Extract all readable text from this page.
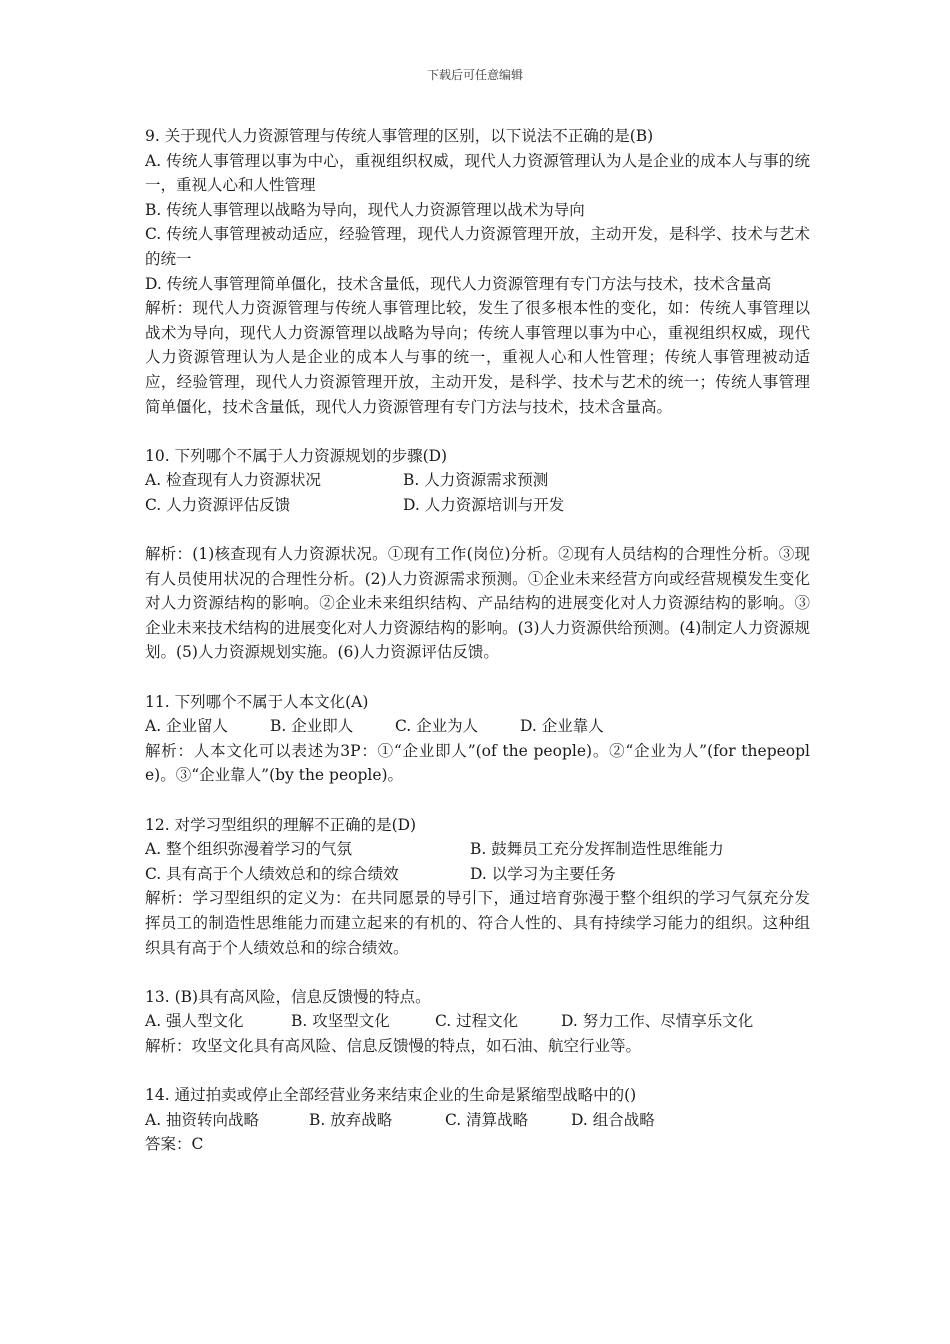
下载后可任意编辑
9. 关于现代人力资源管理与传统人事管理的区别，以下说法不正确的是(B)
A. 传统人事管理以事为中心，重视组织权威，现代人力资源管理认为人是企业的成本人与事的统一，重视人心和人性管理
B. 传统人事管理以战略为导向，现代人力资源管理以战术为导向
C. 传统人事管理被动适应，经验管理，现代人力资源管理开放，主动开发，是科学、技术与艺术的统一
D. 传统人事管理简单僵化，技术含量低，现代人力资源管理有专门方法与技术，技术含量高
解析：现代人力资源管理与传统人事管理比较，发生了很多根本性的变化，如：传统人事管理以战术为导向，现代人力资源管理以战略为导向；传统人事管理以事为中心，重视组织权威，现代人力资源管理认为人是企业的成本人与事的统一，重视人心和人性管理；传统人事管理被动适应，经验管理，现代人力资源管理开放，主动开发，是科学、技术与艺术的统一；传统人事管理简单僵化，技术含量低，现代人力资源管理有专门方法与技术，技术含量高。
10. 下列哪个不属于人力资源规划的步骤(D)
A. 检查现有人力资源状况	B. 人力资源需求预测
C. 人力资源评估反馈	D. 人力资源培训与开发
解析：(1)核查现有人力资源状况。①现有工作(岗位)分析。②现有人员结构的合理性分析。③现有人员使用状况的合理性分析。(2)人力资源需求预测。①企业未来经营方向或经营规模发生变化对人力资源结构的影响。②企业未来组织结构、产品结构的进展变化对人力资源结构的影响。③企业未来技术结构的进展变化对人力资源结构的影响。(3)人力资源供给预测。(4)制定人力资源规划。(5)人力资源规划实施。(6)人力资源评估反馈。
11. 下列哪个不属于人本文化(A)
A. 企业留人	B. 企业即人	C. 企业为人	D. 企业靠人
解析：人本文化可以表述为3P：①“企业即人”(of the people)。②“企业为人”(for thepeople)。③“企业靠人”(by the people)。
12. 对学习型组织的理解不正确的是(D)
A. 整个组织弥漫着学习的气氛	B. 鼓舞员工充分发挥制造性思维能力
C. 具有高于个人绩效总和的综合绩效	D. 以学习为主要任务
解析：学习型组织的定义为：在共同愿景的导引下，通过培育弥漫于整个组织的学习气氛充分发挥员工的制造性思维能力而建立起来的有机的、符合人性的、具有持续学习能力的组织。这种组织具有高于个人绩效总和的综合绩效。
13. (B)具有高风险，信息反馈慢的特点。
A. 强人型文化	B. 攻坚型文化	C. 过程文化	D. 努力工作、尽情享乐文化
解析：攻坚文化具有高风险、信息反馈慢的特点，如石油、航空行业等。
14. 通过拍卖或停止全部经营业务来结束企业的生命是紧缩型战略中的()
A. 抽资转向战略	B. 放弃战略	C. 清算战略	D. 组合战略
答案：C
